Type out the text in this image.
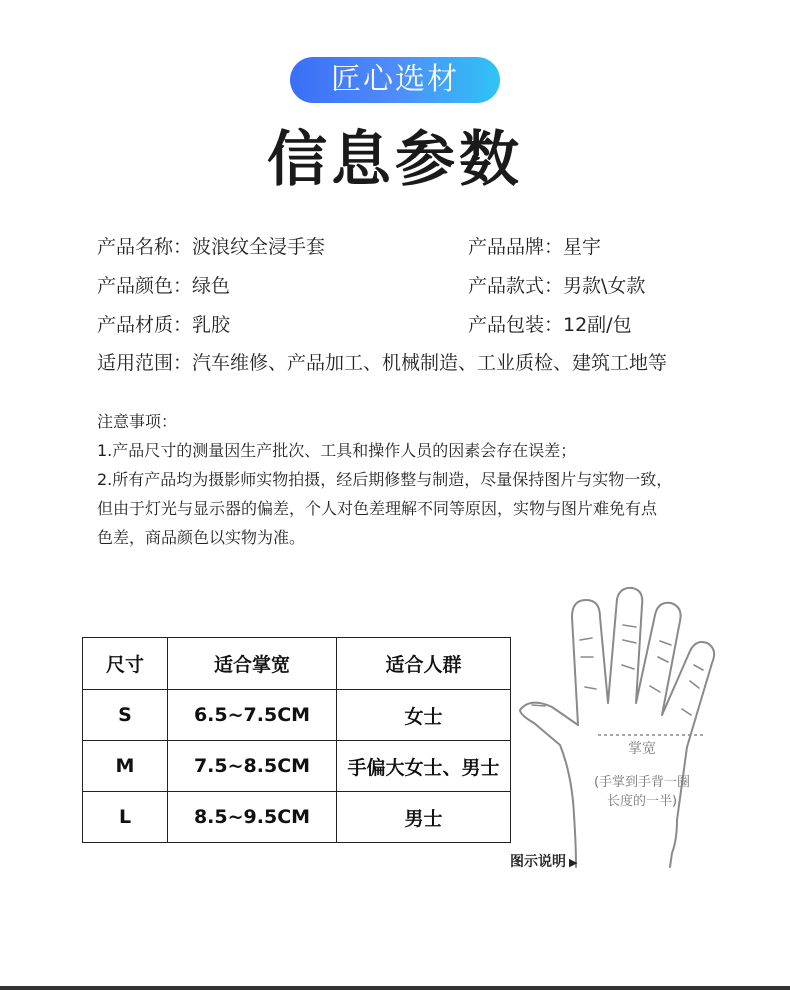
匠心选材
信息参数
产品名称：波浪纹全浸手套	产品品牌：星宇
产品颜色：绿色	产品款式：男款\女款
产品材质：乳胶	产品包装：12副/包
适用范围：汽车维修、产品加工、机械制造、工业质检、建筑工地等
注意事项：
1.产品尺寸的测量因生产批次、工具和操作人员的因素会存在误差；
2.所有产品均为摄影师实物拍摄，经后期修整与制造，尽量保持图片与实物一致，
但由于灯光与显示器的偏差，个人对色差理解不同等原因，实物与图片难免有点
色差，商品颜色以实物为准。
尺寸	适合掌宽	适合人群
S	6.5~7.5CM	女士
M	7.5~8.5CM	手偏大女士、男士
L	8.5~9.5CM	男士
掌宽
(手掌到手背一圈
长度的一半)
图示说明 ▶
